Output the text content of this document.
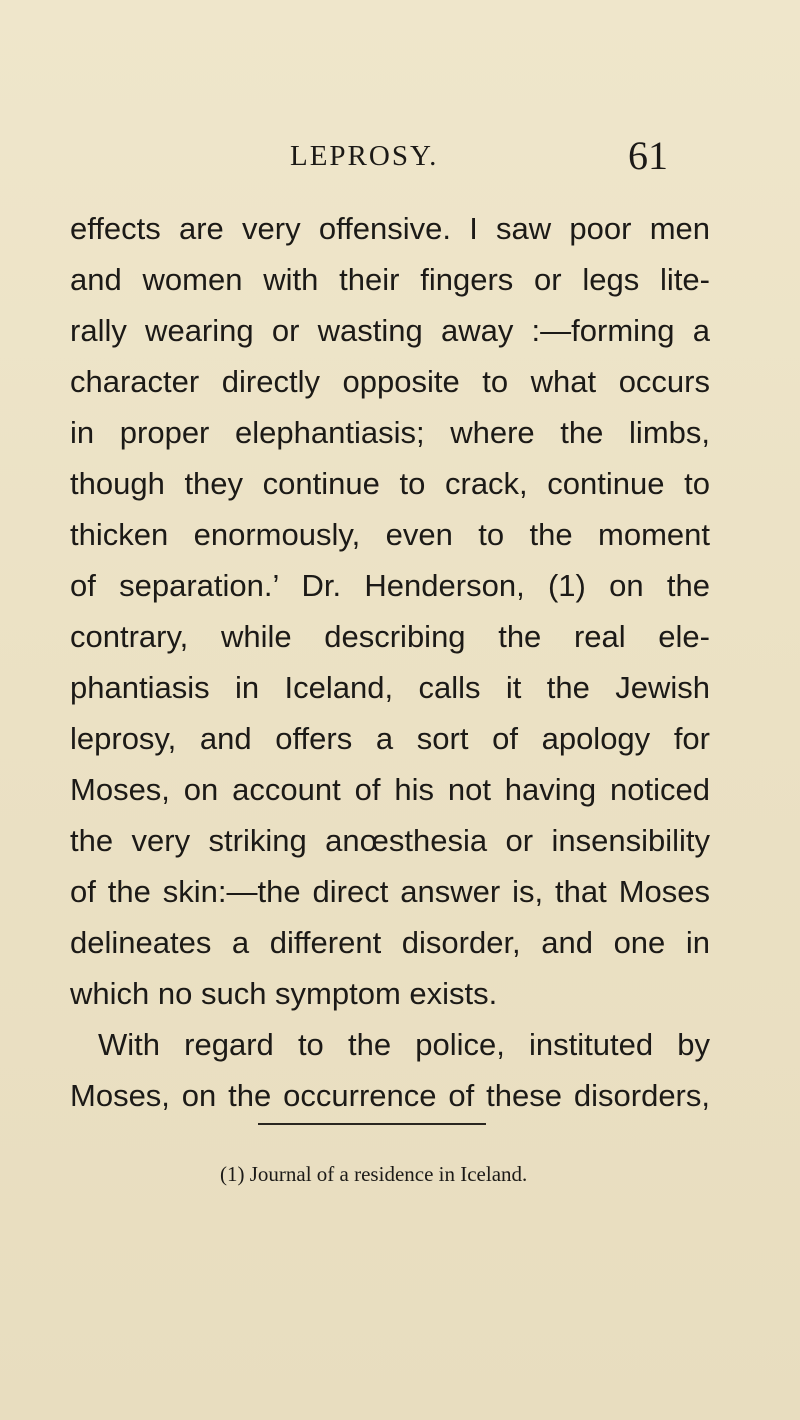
LEPROSY.	61
effects are very offensive. I saw poor men
and women with their fingers or legs lite-
rally wearing or wasting away :—forming a
character directly opposite to what occurs
in proper elephantiasis; where the limbs,
though they continue to crack, continue to
thicken enormously, even to the moment
of separation.’ Dr. Henderson, (1) on the
contrary, while describing the real ele-
phantiasis in Iceland, calls it the Jewish
leprosy, and offers a sort of apology for
Moses, on account of his not having noticed
the very striking anœsthesia or insensibility
of the skin:—the direct answer is, that Moses
delineates a different disorder, and one in
which no such symptom exists.
With regard to the police, instituted by
Moses, on the occurrence of these disorders,
(1) Journal of a residence in Iceland.
